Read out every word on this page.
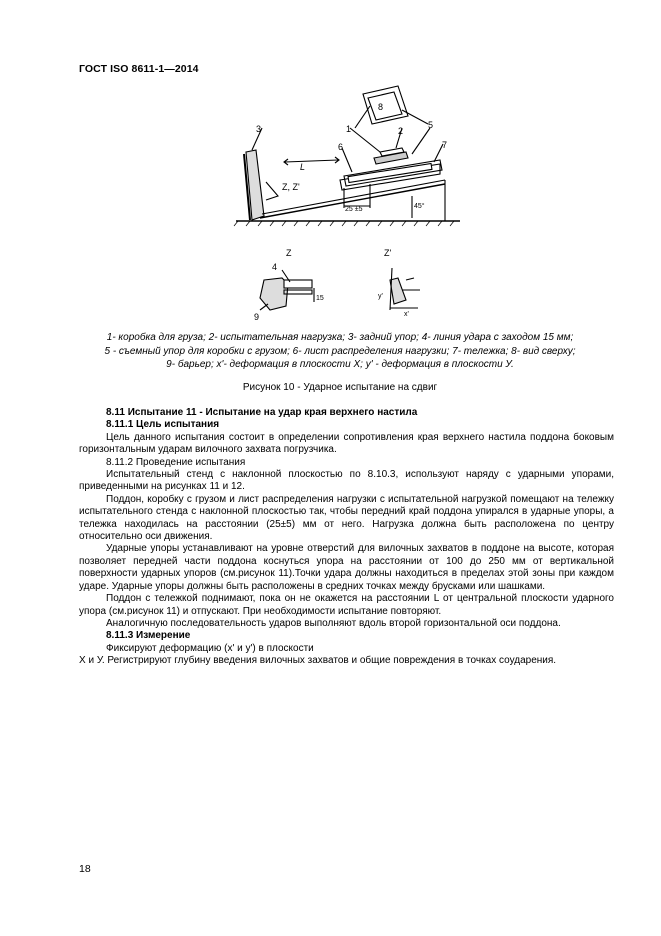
ГОСТ ISO 8611-1—2014
8
1	2
5
3
6	7
L
Z, Z'
25 ±5	45°
Z	Z'
4
15
9
y'
x'
1- коробка для груза; 2- испытательная нагрузка; 3- задний упор; 4- линия удара с заходом 15 мм;
5 - съемный упор для коробки с грузом; 6- лист распределения нагрузки; 7- тележка; 8- вид сверху;
9- барьер; x'- деформация в плоскости X; y' - деформация в плоскости У.
Рисунок 10 - Ударное испытание на сдвиг

8.11 Испытание 11 - Испытание на удар края верхнего настила

8.11.1 Цель испытания

Цель данного испытания состоит в определении сопротивления края верхнего настила поддона боковым горизонтальным ударам вилочного захвата погрузчика.

8.11.2 Проведение испытания

Испытательный стенд с наклонной плоскостью по 8.10.3, используют наряду с ударными упорами, приведенными на рисунках 11 и 12.

Поддон, коробку с грузом и лист распределения нагрузки с испытательной нагрузкой помещают на тележку испытательного стенда с наклонной плоскостью так, чтобы передний край поддона упирался в ударные упоры, а тележка находилась на расстоянии (25±5) мм от него. Нагрузка должна быть расположена по центру относительно оси движения.

Ударные упоры устанавливают на уровне отверстий для вилочных захватов в поддоне на высоте, которая позволяет передней части поддона коснуться упора на расстоянии от 100 до 250 мм от вертикальной поверхности ударных упоров (см.рисунок 11).Точки удара должны находиться в пределах этой зоны при каждом ударе. Ударные упоры должны быть расположены в средних точках между брусками или шашками.

Поддон с тележкой поднимают, пока он не окажется на расстоянии L от центральной плоскости ударного упора (см.рисунок 11) и отпускают. При необходимости испытание повторяют.

Аналогичную последовательность ударов выполняют вдоль второй горизонтальной оси поддона.

8.11.3 Измерение

Фиксируют деформацию (x' и y') в плоскости

Х и У. Регистрируют глубину введения вилочных захватов и общие повреждения в точках соударения.

18
